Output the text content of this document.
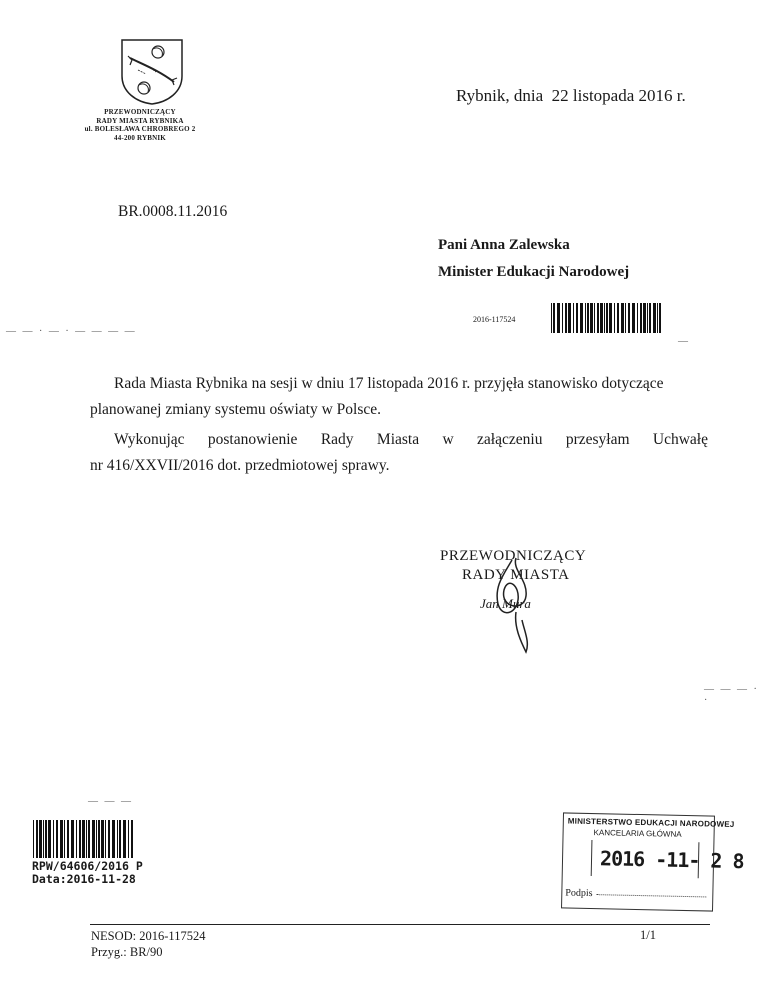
PRZEWODNICZĄCY
RADY MIASTA RYBNIKA
ul. BOLESŁAWA CHROBREGO 2
44-200 RYBNIK
Rybnik, dnia  22 listopada 2016 r.
BR.0008.11.2016
Pani Anna Zalewska
Minister Edukacji Narodowej
2016-117524
— — · — · — — — —
—
— — — · ·
— — —
Rada Miasta Rybnika na sesji w dniu 17 listopada 2016 r. przyjęła stanowisko dotyczące
planowanej zmiany systemu oświaty w Polsce.
Wykonując postanowienie Rady Miasta w załączeniu przesyłam Uchwałę
nr 416/XXVII/2016 dot. przedmiotowej sprawy.
PRZEWODNICZĄCY
RADY MIASTA
Jan Mura
RPW/64606/2016 P
Data:2016-11-28
MINISTERSTWO EDUKACJI NARODOWEJ
KANCELARIA GŁÓWNA
2016 -11- 2 8
Podpis
NESOD: 2016-117524
Przyg.: BR/90
1/1
